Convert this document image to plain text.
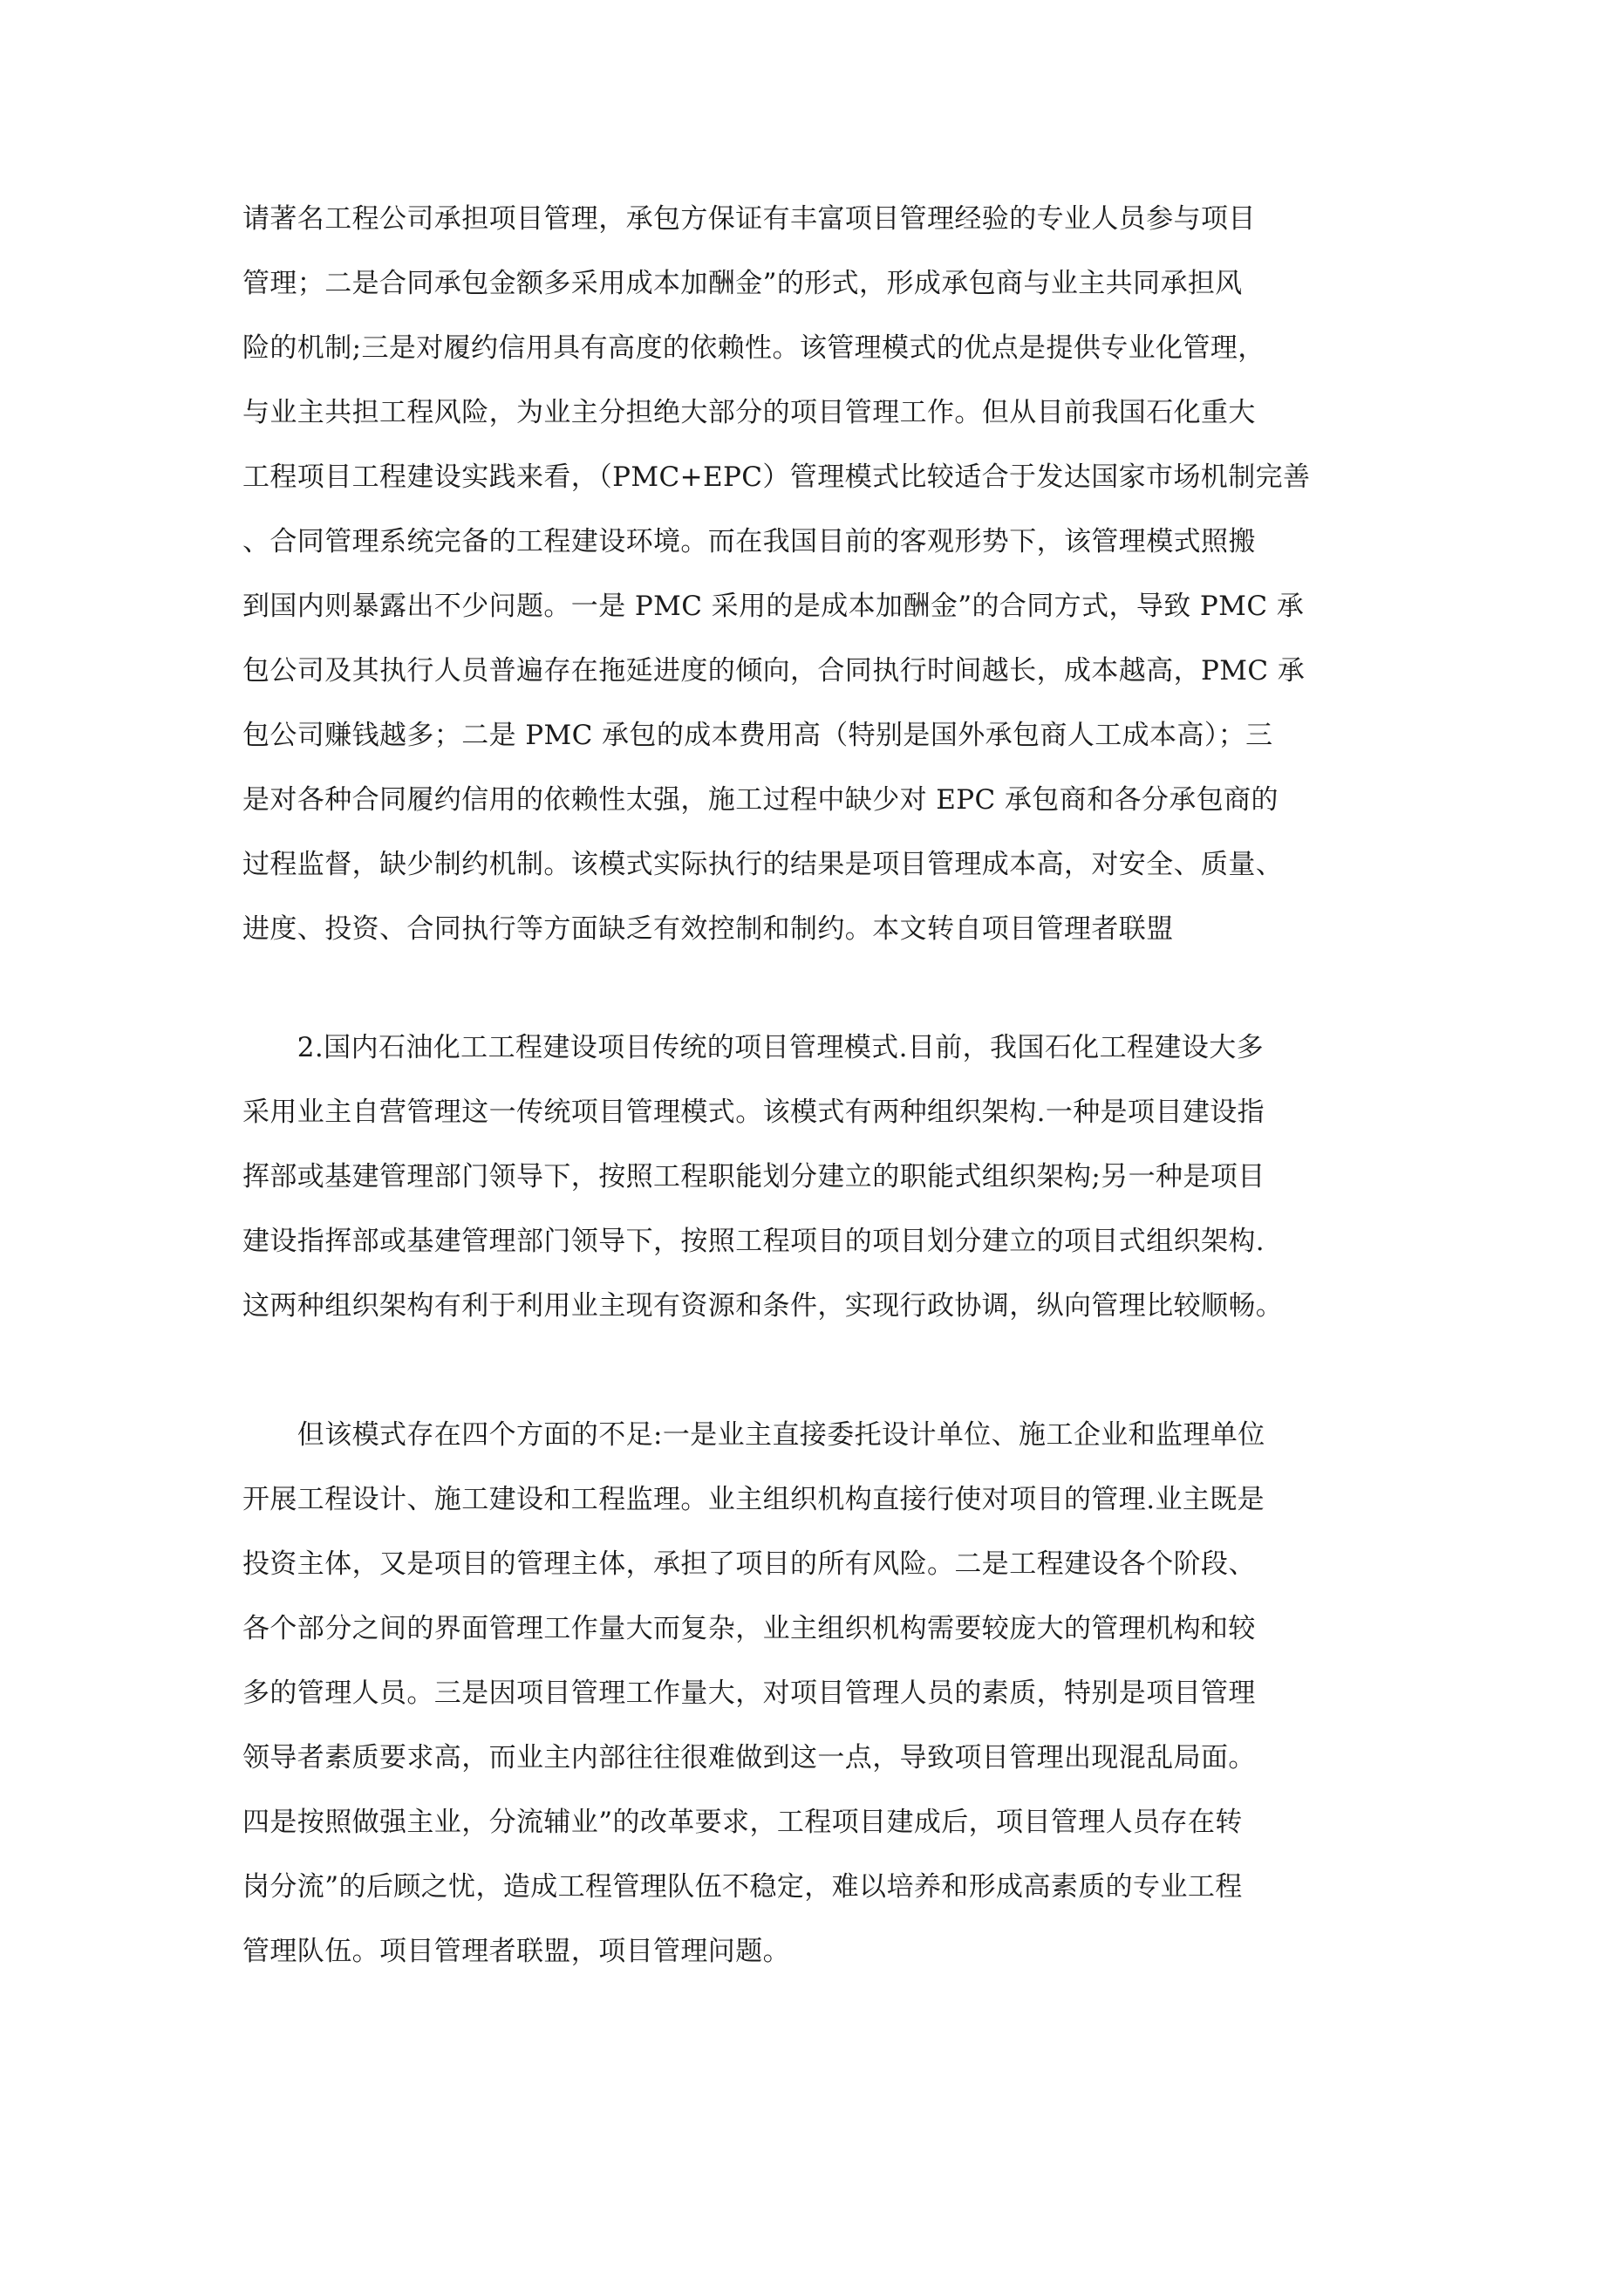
请著名工程公司承担项目管理，承包方保证有丰富项目管理经验的专业人员参与项目
管理；二是合同承包金额多采用成本加酬金”的形式，形成承包商与业主共同承担风
险的机制;三是对履约信用具有高度的依赖性。该管理模式的优点是提供专业化管理，
与业主共担工程风险，为业主分担绝大部分的项目管理工作。但从目前我国石化重大
工程项目工程建设实践来看，（PMC+EPC）管理模式比较适合于发达国家市场机制完善
、合同管理系统完备的工程建设环境。而在我国目前的客观形势下，该管理模式照搬
到国内则暴露出不少问题。一是 PMC 采用的是成本加酬金”的合同方式，导致 PMC 承
包公司及其执行人员普遍存在拖延进度的倾向，合同执行时间越长，成本越高，PMC 承
包公司赚钱越多；二是 PMC 承包的成本费用高（特别是国外承包商人工成本高）；三
是对各种合同履约信用的依赖性太强，施工过程中缺少对 EPC 承包商和各分承包商的
过程监督，缺少制约机制。该模式实际执行的结果是项目管理成本高，对安全、质量、
进度、投资、合同执行等方面缺乏有效控制和制约。本文转自项目管理者联盟
　　2.国内石油化工工程建设项目传统的项目管理模式.目前，我国石化工程建设大多
采用业主自营管理这一传统项目管理模式。该模式有两种组织架构.一种是项目建设指
挥部或基建管理部门领导下，按照工程职能划分建立的职能式组织架构;另一种是项目
建设指挥部或基建管理部门领导下，按照工程项目的项目划分建立的项目式组织架构.
这两种组织架构有利于利用业主现有资源和条件，实现行政协调，纵向管理比较顺畅。
　　但该模式存在四个方面的不足:一是业主直接委托设计单位、施工企业和监理单位
开展工程设计、施工建设和工程监理。业主组织机构直接行使对项目的管理.业主既是
投资主体，又是项目的管理主体，承担了项目的所有风险。二是工程建设各个阶段、
各个部分之间的界面管理工作量大而复杂，业主组织机构需要较庞大的管理机构和较
多的管理人员。三是因项目管理工作量大，对项目管理人员的素质，特别是项目管理
领导者素质要求高，而业主内部往往很难做到这一点，导致项目管理出现混乱局面。
四是按照做强主业，分流辅业”的改革要求，工程项目建成后，项目管理人员存在转
岗分流”的后顾之忧，造成工程管理队伍不稳定，难以培养和形成高素质的专业工程
管理队伍。项目管理者联盟，项目管理问题。
